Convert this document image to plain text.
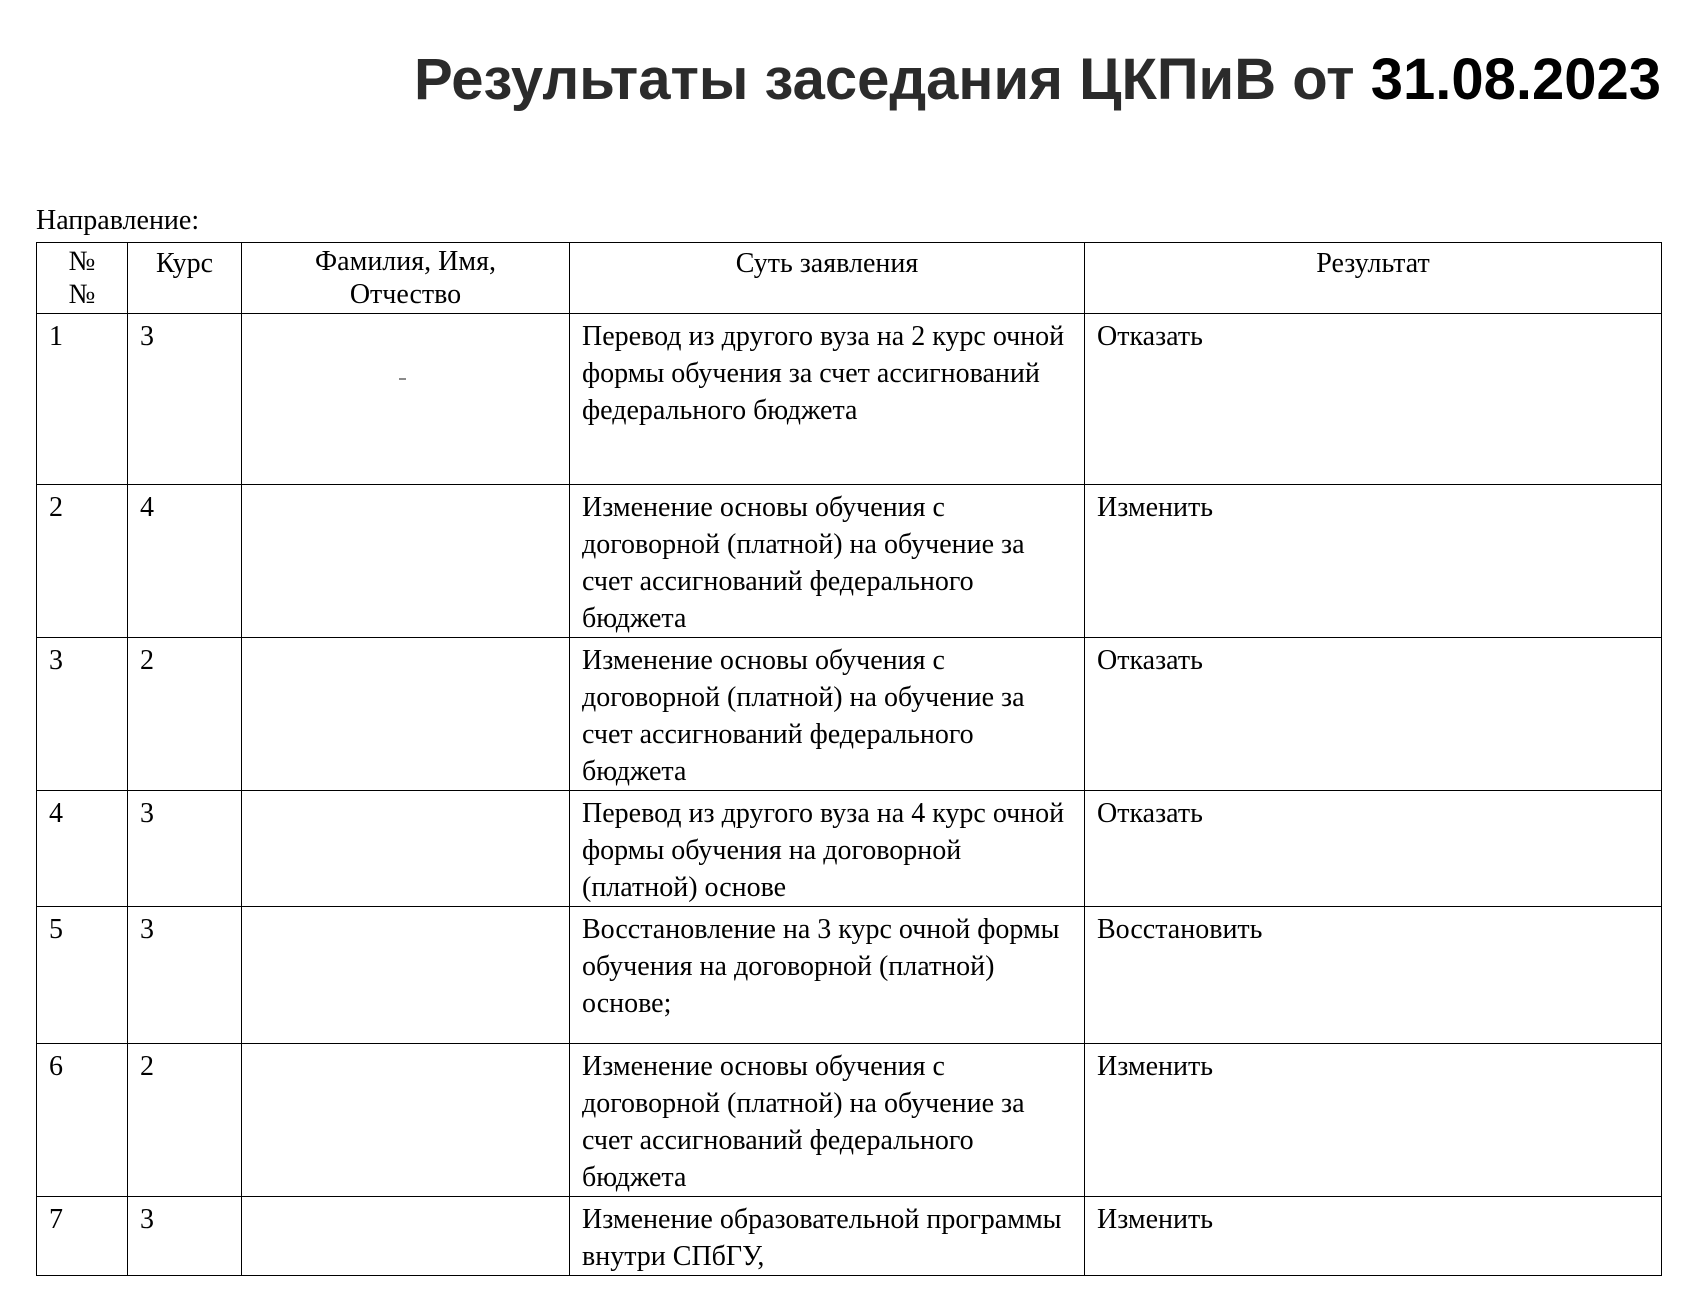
Результаты заседания ЦКПиВ от 31.08.2023
Направление:
№ №	Курс	Фамилия, Имя, Отчество	Суть заявления	Результат
1	3		Перевод из другого вуза на 2 курс очной формы обучения за счет ассигнований федерального бюджета	Отказать
2	4		Изменение основы обучения с договорной (платной) на обучение за счет ассигнований федерального бюджета	Изменить
3	2		Изменение основы обучения с договорной (платной) на обучение за счет ассигнований федерального бюджета	Отказать
4	3		Перевод из другого вуза на 4 курс очной формы обучения на договорной (платной) основе	Отказать
5	3		Восстановление на 3 курс очной формы обучения на договорной (платной) основе;	Восстановить
6	2		Изменение основы обучения с договорной (платной) на обучение за счет ассигнований федерального бюджета	Изменить
7	3		Изменение образовательной программы внутри СПбГУ,	Изменить
